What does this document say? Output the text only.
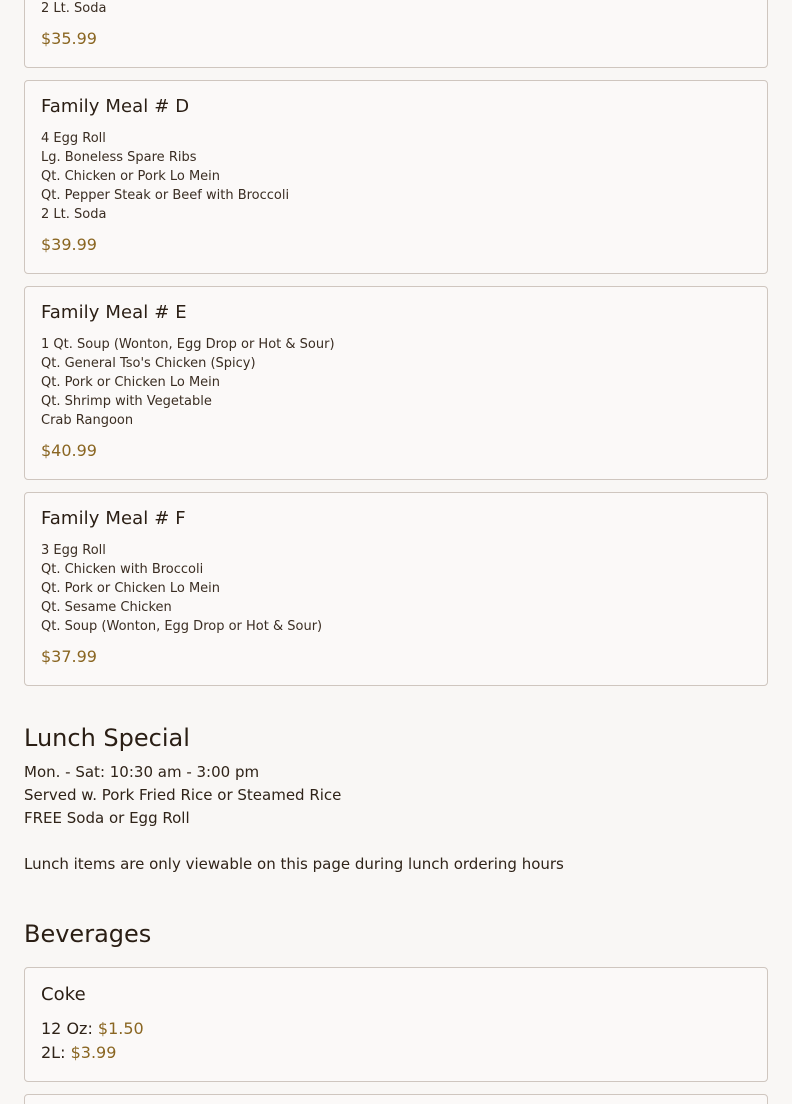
2 Lt. Soda
$35.99
Family Meal # D
4 Egg Roll
Lg. Boneless Spare Ribs
Qt. Chicken or Pork Lo Mein
Qt. Pepper Steak or Beef with Broccoli
2 Lt. Soda
$39.99
Family Meal # E
1 Qt. Soup (Wonton, Egg Drop or Hot & Sour)
Qt. General Tso's Chicken (Spicy)
Qt. Pork or Chicken Lo Mein
Qt. Shrimp with Vegetable
Crab Rangoon
$40.99
Family Meal # F
3 Egg Roll
Qt. Chicken with Broccoli
Qt. Pork or Chicken Lo Mein
Qt. Sesame Chicken
Qt. Soup (Wonton, Egg Drop or Hot & Sour)
$37.99
Lunch Special
Mon. - Sat: 10:30 am - 3:00 pm
Served w. Pork Fried Rice or Steamed Rice
FREE Soda or Egg Roll
Lunch items are only viewable on this page during lunch ordering hours
Beverages
Coke
12 Oz: $1.50
2L: $3.99
